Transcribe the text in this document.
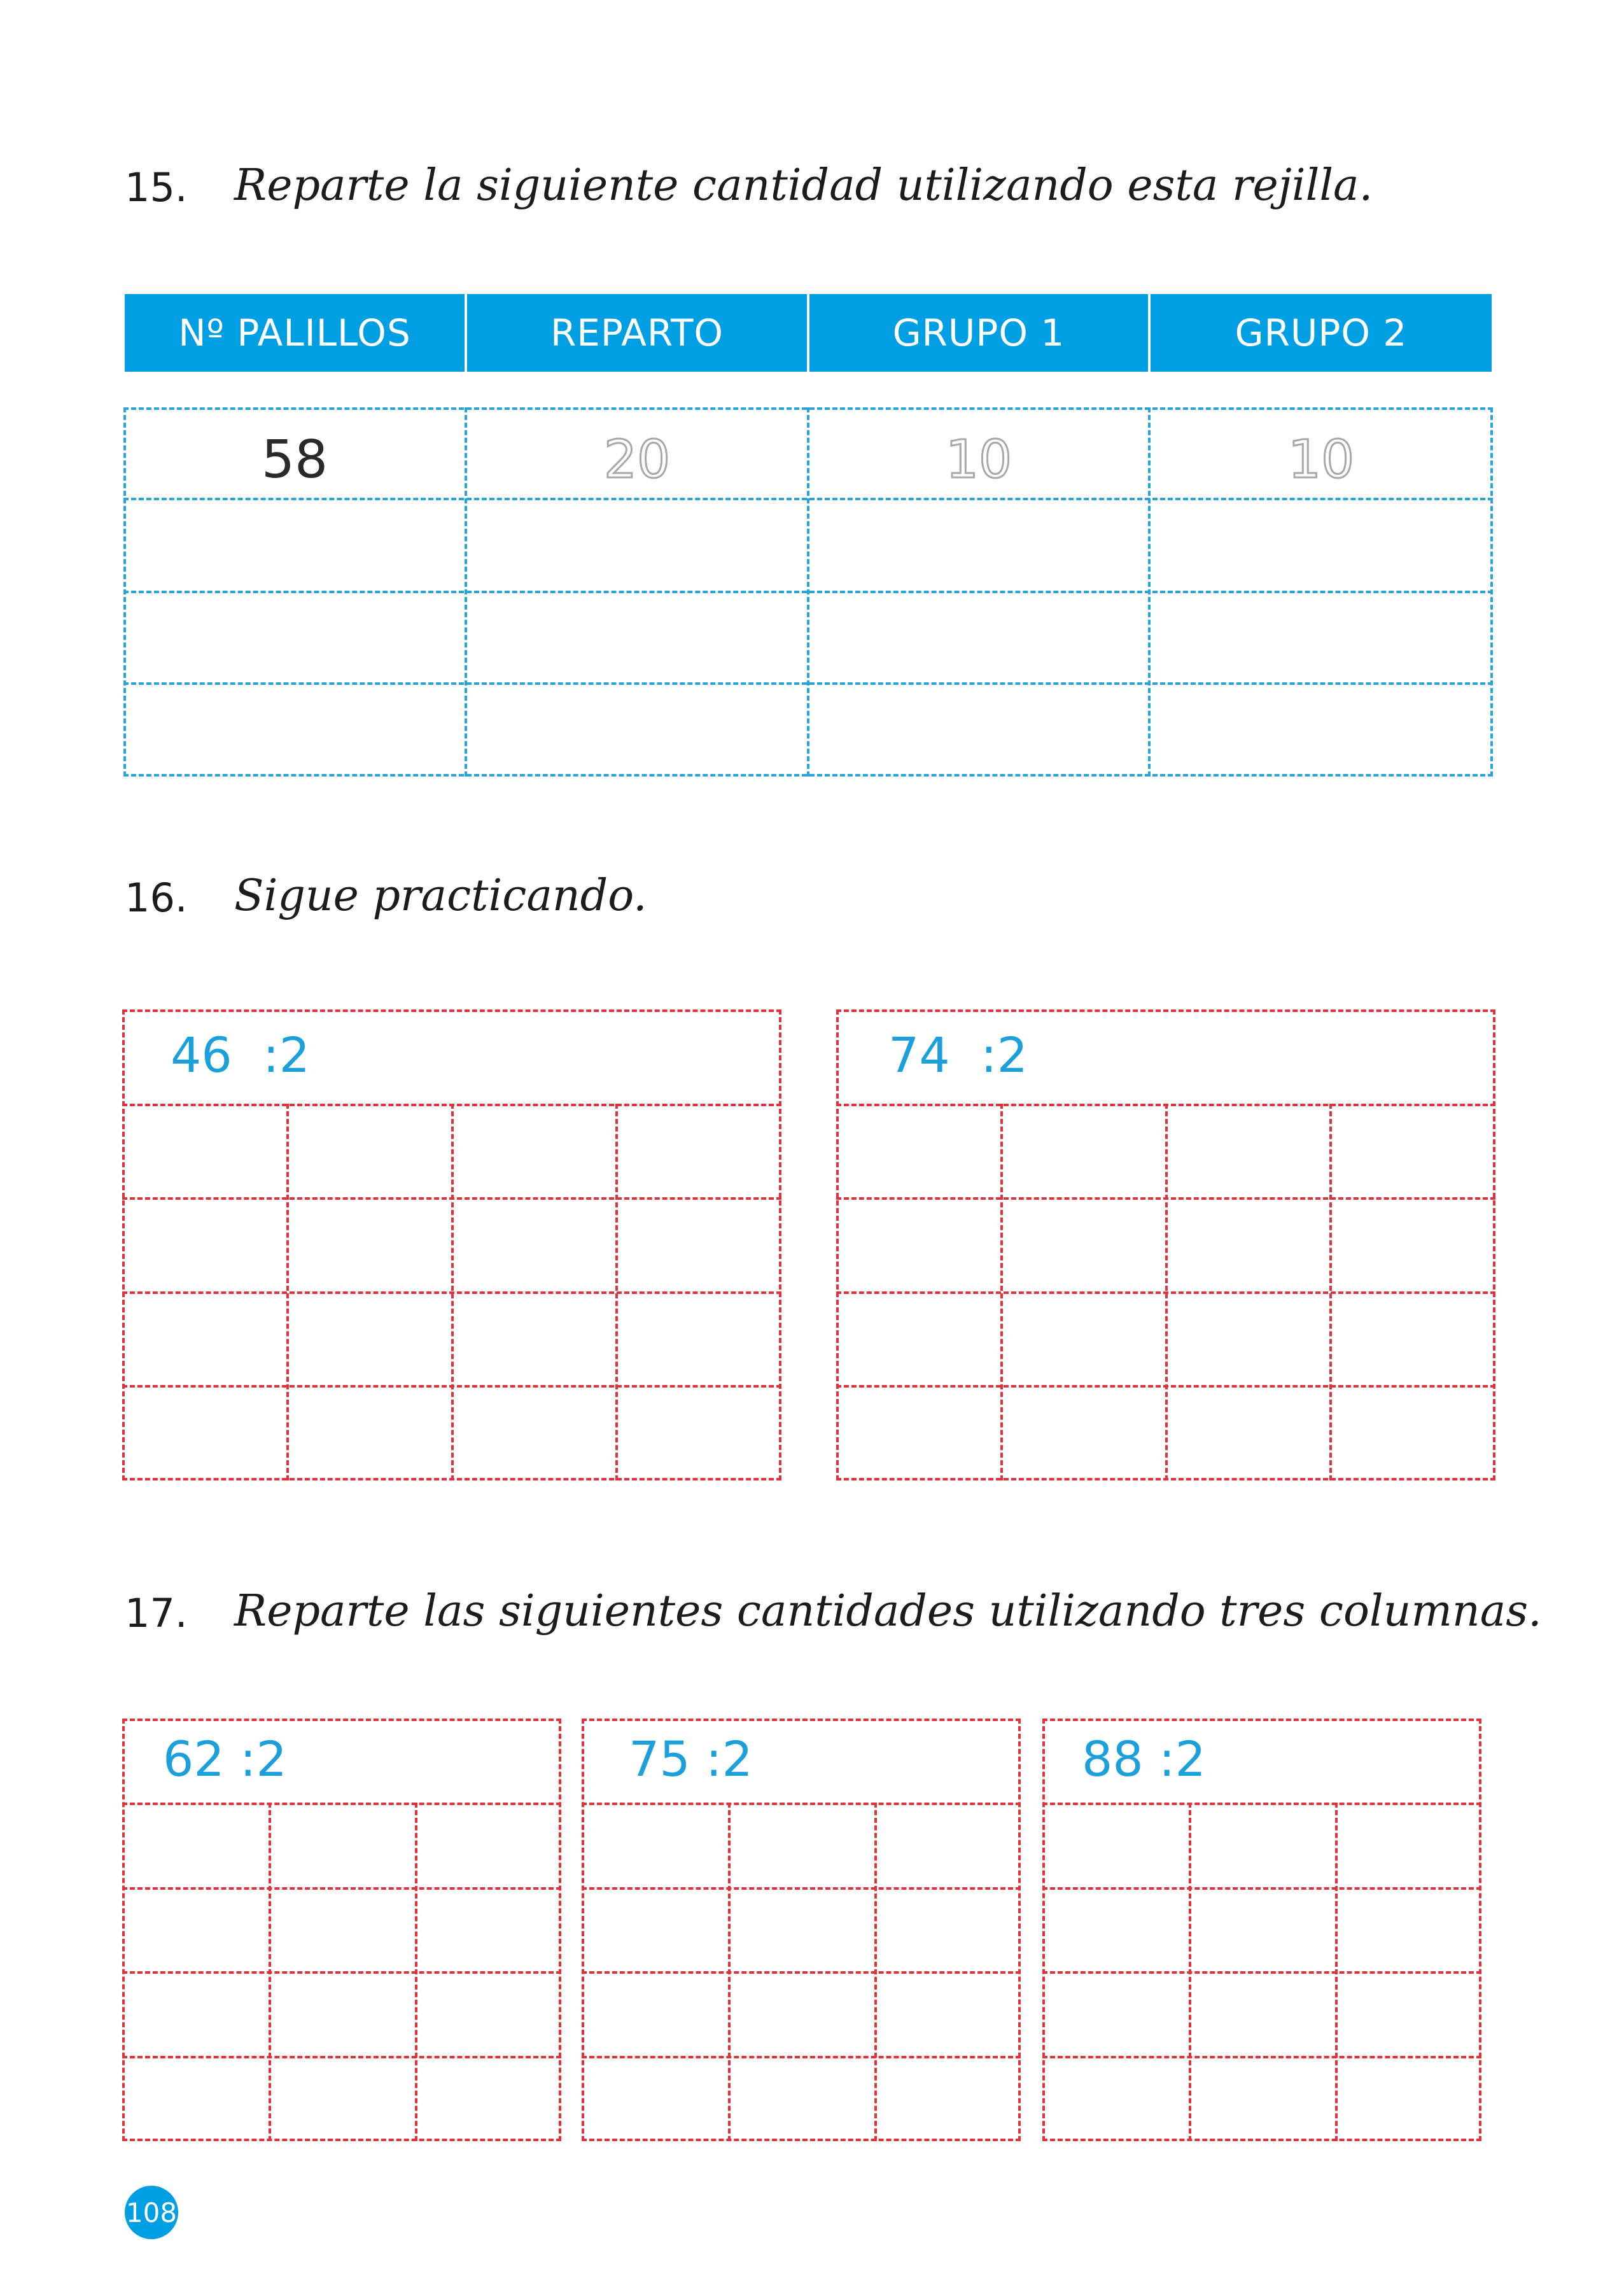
15. Reparte la siguiente cantidad utilizando esta rejilla.
Nº PALILLOS	REPARTO	GRUPO 1	GRUPO 2
58	20	10	10
16. Sigue practicando.
46  :2	74  :2
17. Reparte las siguientes cantidades utilizando tres columnas.
62 :2	75 :2	88 :2
108
